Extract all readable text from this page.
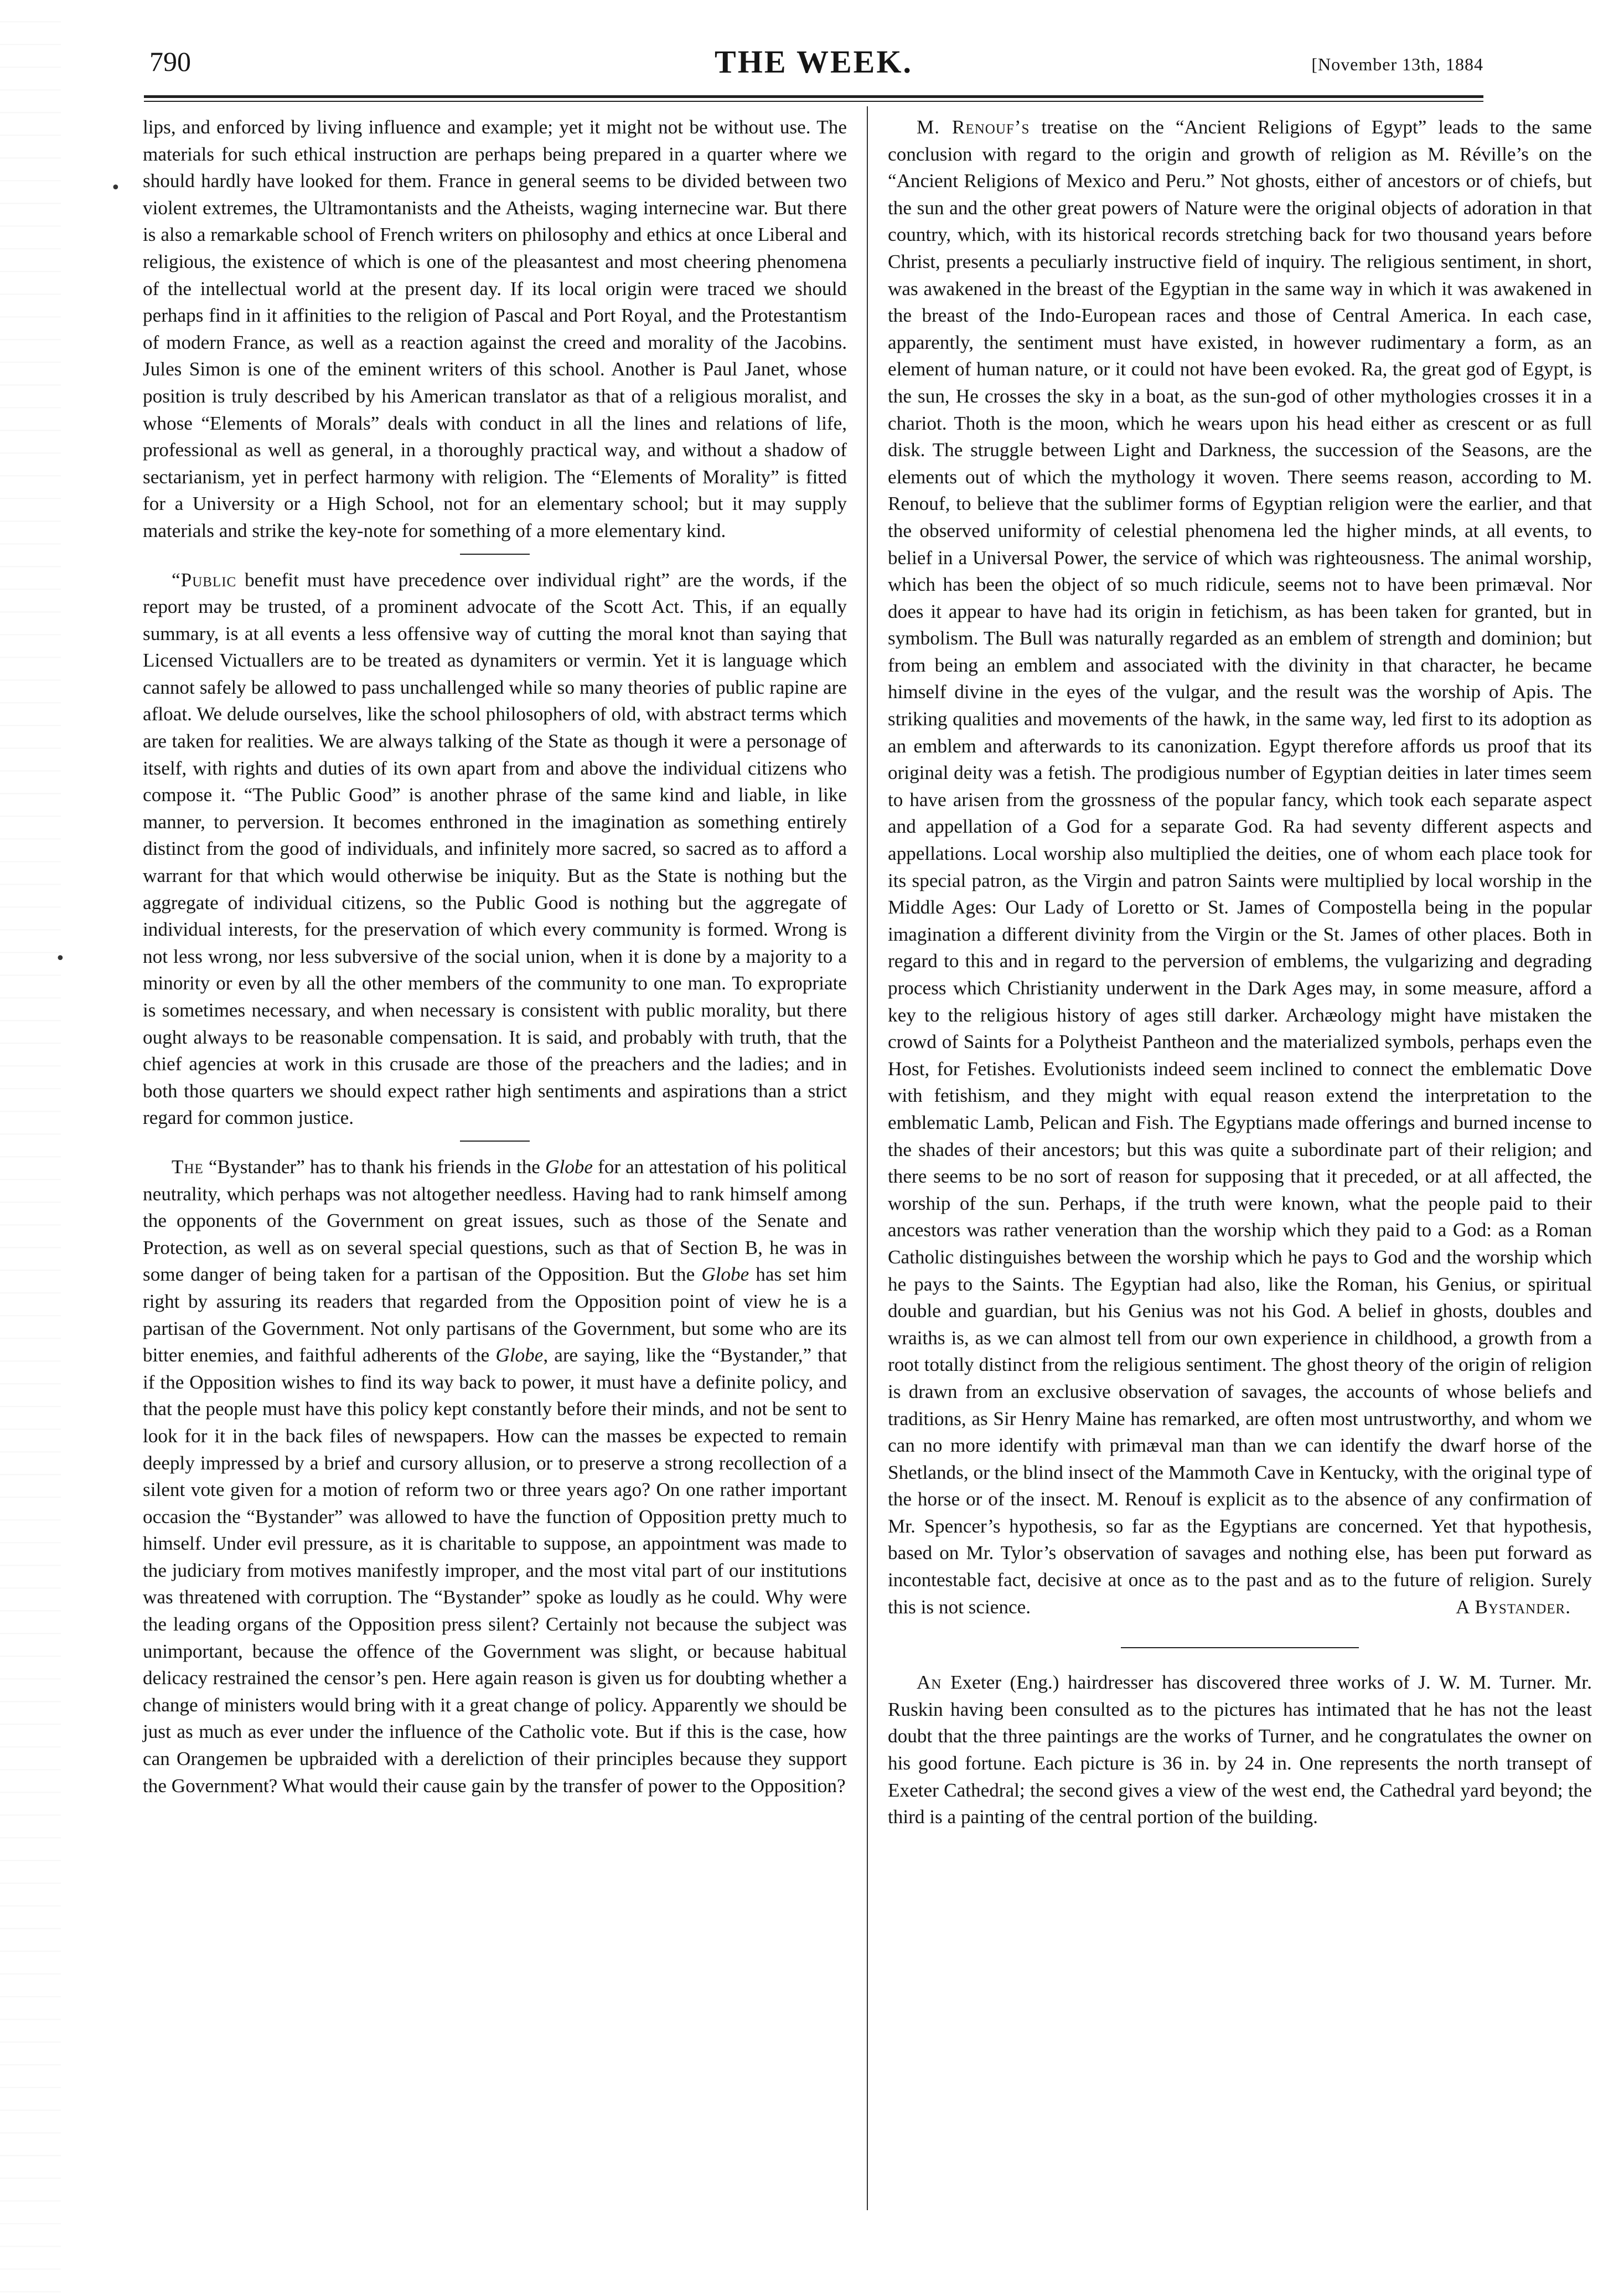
•
•
790	THE WEEK.	[November 13th, 1884

lips, and enforced by living influence and example; yet it might not be without use. The materials for such ethical instruction are perhaps being prepared in a quarter where we should hardly have looked for them. France in general seems to be divided between two violent extremes, the Ultramontanists and the Atheists, waging internecine war. But there is also a remarkable school of French writers on philosophy and ethics at once Liberal and religious, the existence of which is one of the pleasantest and most cheering phenomena of the intellectual world at the present day. If its local origin were traced we should perhaps find in it affinities to the religion of Pascal and Port Royal, and the Protestantism of modern France, as well as a reaction against the creed and morality of the Jacobins. Jules Simon is one of the eminent writers of this school. Another is Paul Janet, whose position is truly described by his American translator as that of a religious moralist, and whose “Elements of Morals” deals with conduct in all the lines and relations of life, professional as well as general, in a thoroughly practical way, and without a shadow of sectarianism, yet in perfect harmony with religion. The “Elements of Morality” is fitted for a University or a High School, not for an elementary school; but it may supply materials and strike the key-note for something of a more elementary kind.

“Public benefit must have precedence over individual right” are the words, if the report may be trusted, of a prominent advocate of the Scott Act. This, if an equally summary, is at all events a less offensive way of cutting the moral knot than saying that Licensed Victuallers are to be treated as dynamiters or vermin. Yet it is language which cannot safely be allowed to pass unchallenged while so many theories of public rapine are afloat. We delude ourselves, like the school philosophers of old, with abstract terms which are taken for realities. We are always talking of the State as though it were a personage of itself, with rights and duties of its own apart from and above the individual citizens who compose it. “The Public Good” is another phrase of the same kind and liable, in like manner, to perversion. It becomes enthroned in the imagination as something entirely distinct from the good of individuals, and infinitely more sacred, so sacred as to afford a warrant for that which would otherwise be iniquity. But as the State is nothing but the aggregate of individual citizens, so the Public Good is nothing but the aggregate of individual interests, for the preservation of which every community is formed. Wrong is not less wrong, nor less subversive of the social union, when it is done by a majority to a minority or even by all the other members of the community to one man. To expropriate is sometimes necessary, and when necessary is consistent with public morality, but there ought always to be reasonable compensation. It is said, and probably with truth, that the chief agencies at work in this crusade are those of the preachers and the ladies; and in both those quarters we should expect rather high sentiments and aspirations than a strict regard for common justice.

The “Bystander” has to thank his friends in the Globe for an attestation of his political neutrality, which perhaps was not altogether needless. Having had to rank himself among the opponents of the Government on great issues, such as those of the Senate and Protection, as well as on several special questions, such as that of Section B, he was in some danger of being taken for a partisan of the Opposition. But the Globe has set him right by assuring its readers that regarded from the Opposition point of view he is a partisan of the Government. Not only partisans of the Government, but some who are its bitter enemies, and faithful adherents of the Globe, are saying, like the “Bystander,” that if the Opposition wishes to find its way back to power, it must have a definite policy, and that the people must have this policy kept constantly before their minds, and not be sent to look for it in the back files of newspapers. How can the masses be expected to remain deeply impressed by a brief and cursory allusion, or to preserve a strong recollection of a silent vote given for a motion of reform two or three years ago? On one rather important occasion the “Bystander” was allowed to have the function of Opposition pretty much to himself. Under evil pressure, as it is charitable to suppose, an appointment was made to the judiciary from motives manifestly improper, and the most vital part of our institutions was threatened with corruption. The “Bystander” spoke as loudly as he could. Why were the leading organs of the Opposition press silent? Certainly not because the subject was unimportant, because the offence of the Government was slight, or because habitual delicacy restrained the censor’s pen. Here again reason is given us for doubting whether a change of ministers would bring with it a great change of policy. Apparently we should be just as much as ever under the influence of the Catholic vote. But if this is the case, how can Orangemen be upbraided with a dereliction of their principles because they support the Government? What would their cause gain by the transfer of power to the Opposition?

M. Renouf’s treatise on the “Ancient Religions of Egypt” leads to the same conclusion with regard to the origin and growth of religion as M. Réville’s on the “Ancient Religions of Mexico and Peru.” Not ghosts, either of ancestors or of chiefs, but the sun and the other great powers of Nature were the original objects of adoration in that country, which, with its historical records stretching back for two thousand years before Christ, presents a peculiarly instructive field of inquiry. The religious sentiment, in short, was awakened in the breast of the Egyptian in the same way in which it was awakened in the breast of the Indo-European races and those of Central America. In each case, apparently, the sentiment must have existed, in however rudimentary a form, as an element of human nature, or it could not have been evoked. Ra, the great god of Egypt, is the sun, He crosses the sky in a boat, as the sun-god of other mythologies crosses it in a chariot. Thoth is the moon, which he wears upon his head either as crescent or as full disk. The struggle between Light and Darkness, the succession of the Seasons, are the elements out of which the mythology it woven. There seems reason, according to M. Renouf, to believe that the sublimer forms of Egyptian religion were the earlier, and that the observed uniformity of celestial phenomena led the higher minds, at all events, to belief in a Universal Power, the service of which was righteousness. The animal worship, which has been the object of so much ridicule, seems not to have been primæval. Nor does it appear to have had its origin in fetichism, as has been taken for granted, but in symbolism. The Bull was naturally regarded as an emblem of strength and dominion; but from being an emblem and associated with the divinity in that character, he became himself divine in the eyes of the vulgar, and the result was the worship of Apis. The striking qualities and movements of the hawk, in the same way, led first to its adoption as an emblem and afterwards to its canonization. Egypt therefore affords us proof that its original deity was a fetish. The prodigious number of Egyptian deities in later times seem to have arisen from the grossness of the popular fancy, which took each separate aspect and appellation of a God for a separate God. Ra had seventy different aspects and appellations. Local worship also multiplied the deities, one of whom each place took for its special patron, as the Virgin and patron Saints were multiplied by local worship in the Middle Ages: Our Lady of Loretto or St. James of Compostella being in the popular imagination a different divinity from the Virgin or the St. James of other places. Both in regard to this and in regard to the perversion of emblems, the vulgarizing and degrading process which Christianity underwent in the Dark Ages may, in some measure, afford a key to the religious history of ages still darker. Archæology might have mistaken the crowd of Saints for a Polytheist Pantheon and the materialized symbols, perhaps even the Host, for Fetishes. Evolutionists indeed seem inclined to connect the emblematic Dove with fetishism, and they might with equal reason extend the interpretation to the emblematic Lamb, Pelican and Fish. The Egyptians made offerings and burned incense to the shades of their ancestors; but this was quite a subordinate part of their religion; and there seems to be no sort of reason for supposing that it preceded, or at all affected, the worship of the sun. Perhaps, if the truth were known, what the people paid to their ancestors was rather veneration than the worship which they paid to a God: as a Roman Catholic distinguishes between the worship which he pays to God and the worship which he pays to the Saints. The Egyptian had also, like the Roman, his Genius, or spiritual double and guardian, but his Genius was not his God. A belief in ghosts, doubles and wraiths is, as we can almost tell from our own experience in childhood, a growth from a root totally distinct from the religious sentiment. The ghost theory of the origin of religion is drawn from an exclusive observation of savages, the accounts of whose beliefs and traditions, as Sir Henry Maine has remarked, are often most untrustworthy, and whom we can no more identify with primæval man than we can identify the dwarf horse of the Shetlands, or the blind insect of the Mammoth Cave in Kentucky, with the original type of the horse or of the insect. M. Renouf is explicit as to the absence of any confirmation of Mr. Spencer’s hypothesis, so far as the Egyptians are concerned. Yet that hypothesis, based on Mr. Tylor’s observation of savages and nothing else, has been put forward as incontestable fact, decisive at once as to the past and as to the future of religion. Surely this is not science.	A Bystander.

An Exeter (Eng.) hairdresser has discovered three works of J. W. M. Turner. Mr. Ruskin having been consulted as to the pictures has intimated that he has not the least doubt that the three paintings are the works of Turner, and he congratulates the owner on his good fortune. Each picture is 36 in. by 24 in. One represents the north transept of Exeter Cathedral; the second gives a view of the west end, the Cathedral yard beyond; the third is a painting of the central portion of the building.
